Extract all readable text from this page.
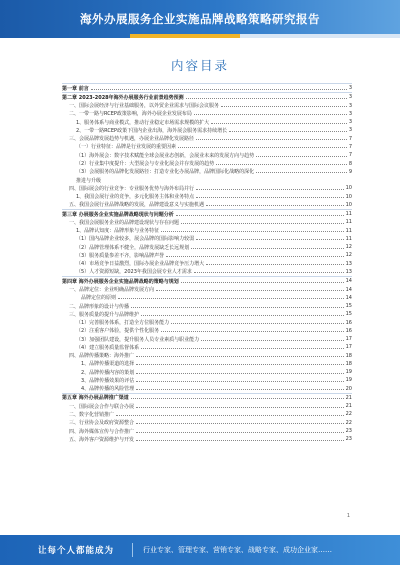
海外办展服务企业实施品牌战略策略研究报告
内容目录
第一章 前言	3
第二章 2023-2028年海外办展服务行业前景趋势预测	3
一、国际会展经济与行业基础服务，以外贸企业需求与国际会议服务	3
二、一带一路与RCEP政策影响，海外办展企业发展布局	3
1、服务体系与商业模式，推动行业稳定市场需求规模的扩大	3
2、一带一路RCEP政策下国内企业出海，海外展会服务需求持续增长	3
三、会展品牌发展趋势与机遇，办展企业品牌化发展路径	7
（一）行业特征：品牌是行业发展的重要因素	7
（1）海外展会：数字技术赋能全球会展业态创新，会展业未来的发展方向与趋势	7
（2）行业集中度提升：大型展会与专业化展会并存发展的趋势	8
（3）会展服务的品牌化发展路径：打造专业化办展品牌，品牌国际化战略的深化	9
推进与升级
四、国际展会的行业竞争：专业服务优势与海外布局并行	10
1、我国会展行业的竞争，多元化服务主体和业务特点	10
五、我国会展行业品牌战略的发展，品牌建设意义与实施机遇	10
第三章 办展服务企业实施品牌战略现状与问题分析	11
一、我国会展服务企业的品牌建设现状与存在问题	11
1、品牌认知度：品牌形象与业务特征	11
（1）国内品牌企业较多，展会品牌的国际影响力较弱	11
（2）品牌管理体系不健全，品牌发展缺乏长远规划	12
（3）服务质量参差不齐，影响品牌声誉	12
（4）市场竞争日益激烈，国际办展企业品牌竞争压力增大	13
（5）人才资源短缺，2023年我国会展专业人才需求	13
第四章 海外办展服务企业实施品牌战略的策略与规划	14
一、品牌定位：企业明确品牌发展方向	14
品牌定位的原则	14
二、品牌形象的设计与传播	15
三、服务质量的提升与品牌维护	15
（1）完善服务体系，打造全方位服务能力	16
（2）注重客户体验，提供个性化服务	16
（3）加强团队建设，提升服务人员专业素质与职业能力	17
（4）建立服务质量监督体系	17
四、品牌传播策略：海外推广	18
1、品牌传播渠道的选择	18
2、品牌传播内容的策划	19
3、品牌传播效果的评估	19
4、品牌传播的风险管理	20
第五章 海外办展品牌推广渠道	21
一、国际展会合作与联合办展	21
二、数字化营销推广	22
三、行业协会及政府资源整合	22
四、海外媒体宣传与合作推广	23
五、海外客户资源维护与开发	23
1
让每个人都能成为	行业专家、管理专家、营销专家、战略专家、成功企业家……
